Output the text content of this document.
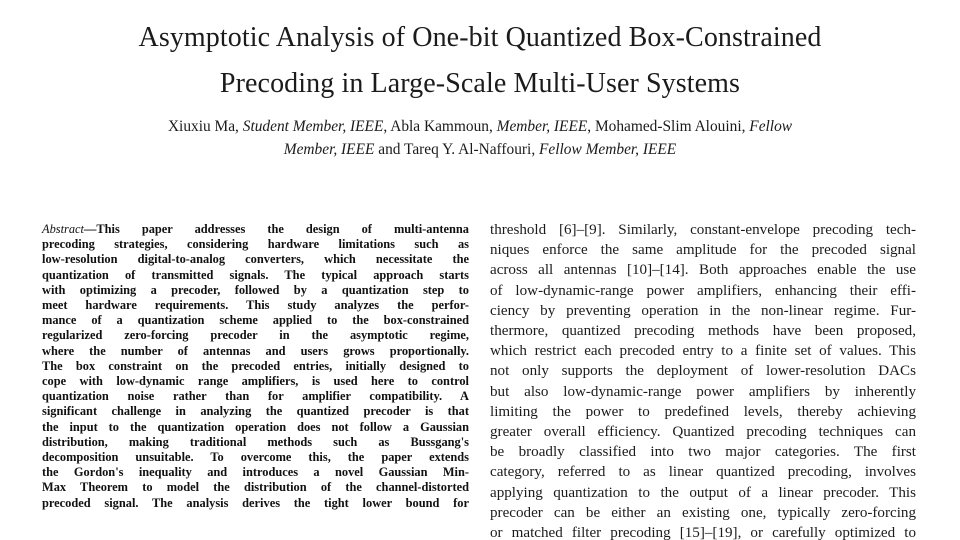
Asymptotic Analysis of One-bit Quantized Box-Constrained
Precoding in Large-Scale Multi-User Systems
Xiuxiu Ma, Student Member, IEEE, Abla Kammoun, Member, IEEE, Mohamed-Slim Alouini, Fellow
Member, IEEE and Tareq Y. Al-Naffouri, Fellow Member, IEEE
Abstract—This paper addresses the design of multi-antenna
precoding strategies, considering hardware limitations such as
low-resolution digital-to-analog converters, which necessitate the
quantization of transmitted signals. The typical approach starts
with optimizing a precoder, followed by a quantization step to
meet hardware requirements. This study analyzes the perfor-
mance of a quantization scheme applied to the box-constrained
regularized zero-forcing precoder in the asymptotic regime,
where the number of antennas and users grows proportionally.
The box constraint on the precoded entries, initially designed to
cope with low-dynamic range amplifiers, is used here to control
quantization noise rather than for amplifier compatibility. A
significant challenge in analyzing the quantized precoder is that
the input to the quantization operation does not follow a Gaussian
distribution, making traditional methods such as Bussgang's
decomposition unsuitable. To overcome this, the paper extends
the Gordon's inequality and introduces a novel Gaussian Min-
Max Theorem to model the distribution of the channel-distorted
precoded signal. The analysis derives the tight lower bound for
threshold [6]–[9]. Similarly, constant-envelope precoding tech-
niques enforce the same amplitude for the precoded signal
across all antennas [10]–[14]. Both approaches enable the use
of low-dynamic-range power amplifiers, enhancing their effi-
ciency by preventing operation in the non-linear regime. Fur-
thermore, quantized precoding methods have been proposed,
which restrict each precoded entry to a finite set of values. This
not only supports the deployment of lower-resolution DACs
but also low-dynamic-range power amplifiers by inherently
limiting the power to predefined levels, thereby achieving
greater overall efficiency. Quantized precoding techniques can
be broadly classified into two major categories. The first
category, referred to as linear quantized precoding, involves
applying quantization to the output of a linear precoder. This
precoder can be either an existing one, typically zero-forcing
or matched filter precoding [15]–[19], or carefully optimized to
